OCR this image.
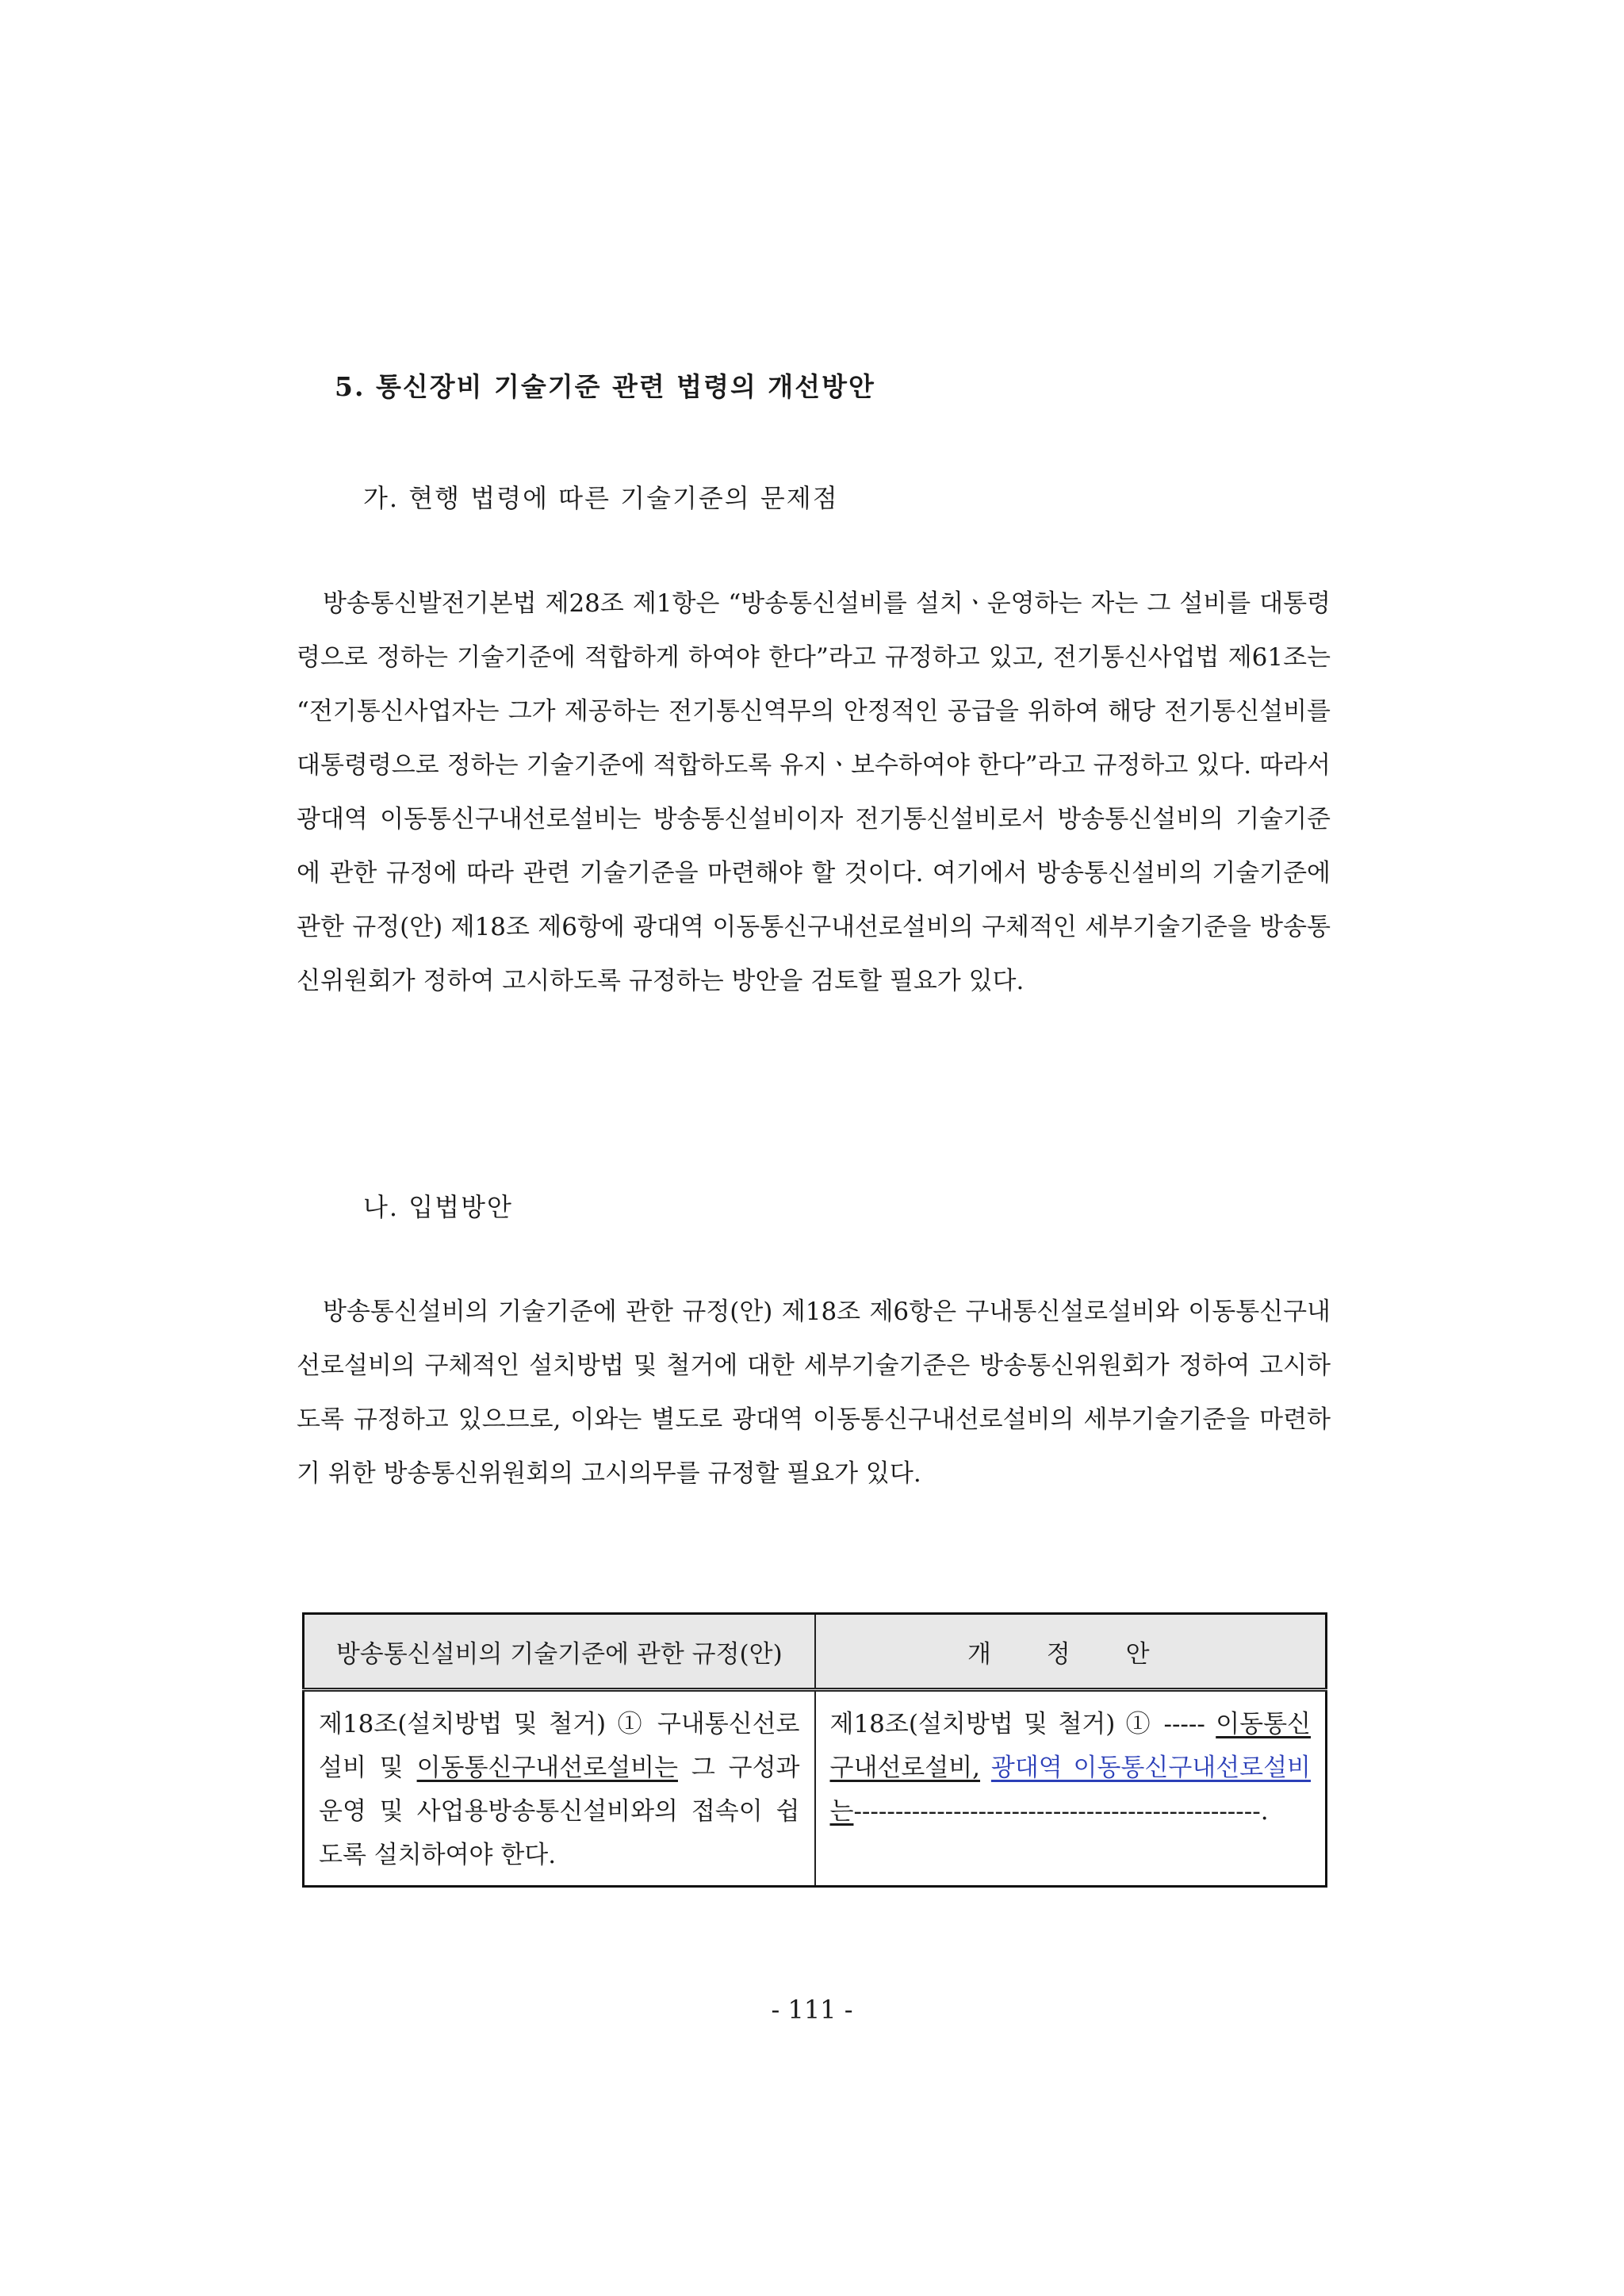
5. 통신장비 기술기준 관련 법령의 개선방안
가. 현행 법령에 따른 기술기준의 문제점
방송통신발전기본법 제28조 제1항은 “방송통신설비를 설치ㆍ운영하는 자는 그 설비를 대통령령으로 정하는 기술기준에 적합하게 하여야 한다”라고 규정하고 있고, 전기통신사업법 제61조는 “전기통신사업자는 그가 제공하는 전기통신역무의 안정적인 공급을 위하여 해당 전기통신설비를 대통령령으로 정하는 기술기준에 적합하도록 유지ㆍ보수하여야 한다”라고 규정하고 있다. 따라서 광대역 이동통신구내선로설비는 방송통신설비이자 전기통신설비로서 방송통신설비의 기술기준에 관한 규정에 따라 관련 기술기준을 마련해야 할 것이다. 여기에서 방송통신설비의 기술기준에 관한 규정(안) 제18조 제6항에 광대역 이동통신구내선로설비의 구체적인 세부기술기준을 방송통신위원회가 정하여 고시하도록 규정하는 방안을 검토할 필요가 있다.
나. 입법방안
방송통신설비의 기술기준에 관한 규정(안) 제18조 제6항은 구내통신설로설비와 이동통신구내선로설비의 구체적인 설치방법 및 철거에 대한 세부기술기준은 방송통신위원회가 정하여 고시하도록 규정하고 있으므로, 이와는 별도로 광대역 이동통신구내선로설비의 세부기술기준을 마련하기 위한 방송통신위원회의 고시의무를 규정할 필요가 있다.
방송통신설비의 기술기준에 관한 규정(안)	개 정 안
제18조(설치방법 및 철거) ① 구내통신선로설비 및 이동통신구내선로설비는 그 구성과 운영 및 사업용방송통신설비와의 접속이 쉽도록 설치하여야 한다.	제18조(설치방법 및 철거) ① ----- 이동통신구내선로설비, 광대역 이동통신구내선로설비는-------------------------------------------------.
- 111 -
